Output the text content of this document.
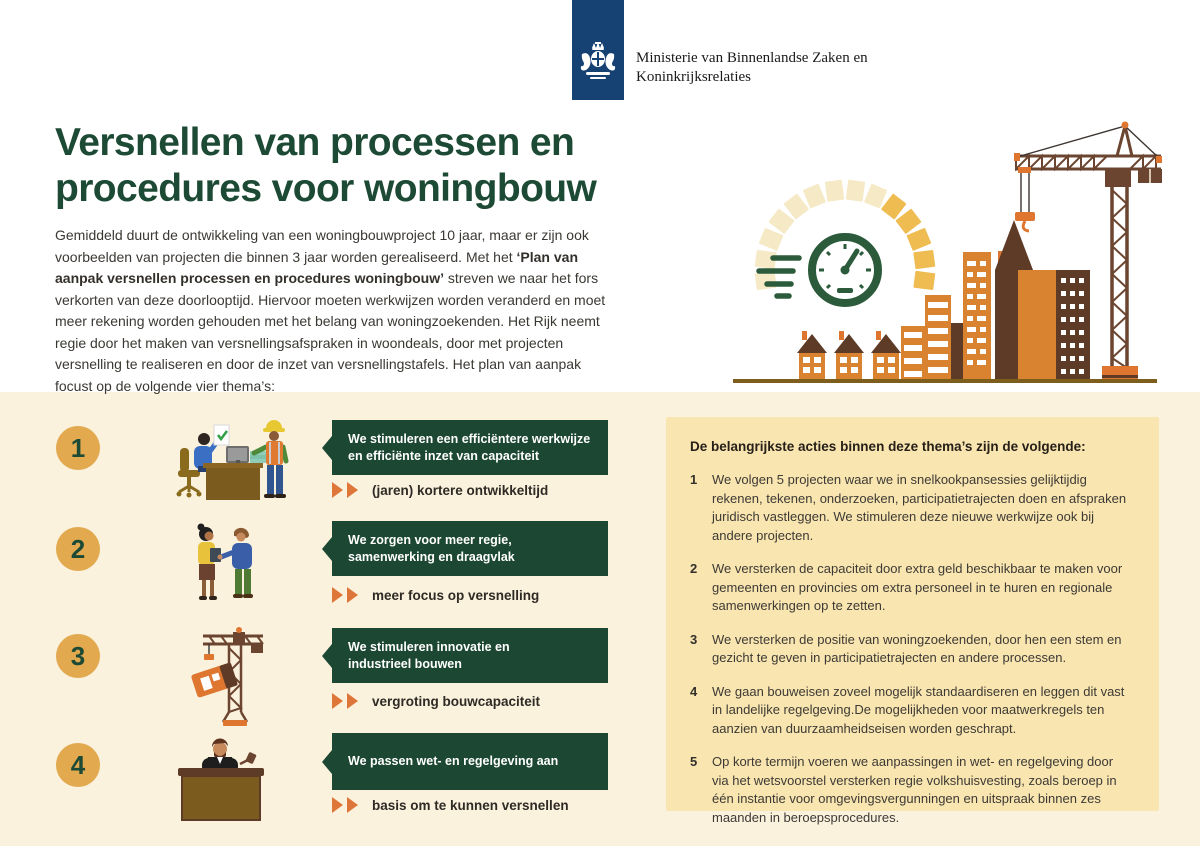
Ministerie van Binnenlandse Zaken en
Koninkrijksrelaties
Versnellen van processen en
procedures voor woningbouw
Gemiddeld duurt de ontwikkeling van een woningbouwproject 10 jaar, maar er zijn ook voorbeelden van projecten die binnen 3 jaar worden gerealiseerd. Met het ‘Plan van aanpak versnellen processen en procedures woningbouw’ streven we naar het fors verkorten van deze doorlooptijd. Hiervoor moeten werkwijzen worden veranderd en moet meer rekening worden gehouden met het belang van woningzoekenden. Het Rijk neemt regie door het maken van versnellingsafspraken in woondeals, door met projecten versnelling te realiseren en door de inzet van versnellingstafels. Het plan van aanpak focust op de volgende vier thema’s:
1	We stimuleren een efficiëntere werkwijze
en efficiënte inzet van capaciteit
(jaren) kortere ontwikkeltijd
2	We zorgen voor meer regie,
samenwerking en draagvlak
meer focus op versnelling
3	We stimuleren innovatie en
industrieel bouwen
vergroting bouwcapaciteit
4	We passen wet- en regelgeving aan
basis om te kunnen versnellen

De belangrijkste acties binnen deze thema’s zijn de volgende:

1	We volgen 5 projecten waar we in snelkookpansessies gelijktijdig rekenen, tekenen, onderzoeken, participatietrajecten doen en afspraken juridisch vastleggen. We stimuleren deze nieuwe werkwijze ook bij andere projecten.
2	We versterken de capaciteit door extra geld beschikbaar te maken voor gemeenten en provincies om extra personeel in te huren en regionale samenwerkingen op te zetten.
3	We versterken de positie van woningzoekenden, door hen een stem en gezicht te geven in participatietrajecten en andere processen.
4	We gaan bouweisen zoveel mogelijk standaardiseren en leggen dit vast in landelijke regelgeving.De mogelijkheden voor maatwerkregels ten aanzien van duurzaamheidseisen worden geschrapt.
5	Op korte termijn voeren we aanpassingen in wet- en regelgeving door via het wetsvoorstel versterken regie volkshuisvesting, zoals beroep in één instantie voor omgevingsvergunningen en uitspraak binnen zes maanden in beroepsprocedures.
